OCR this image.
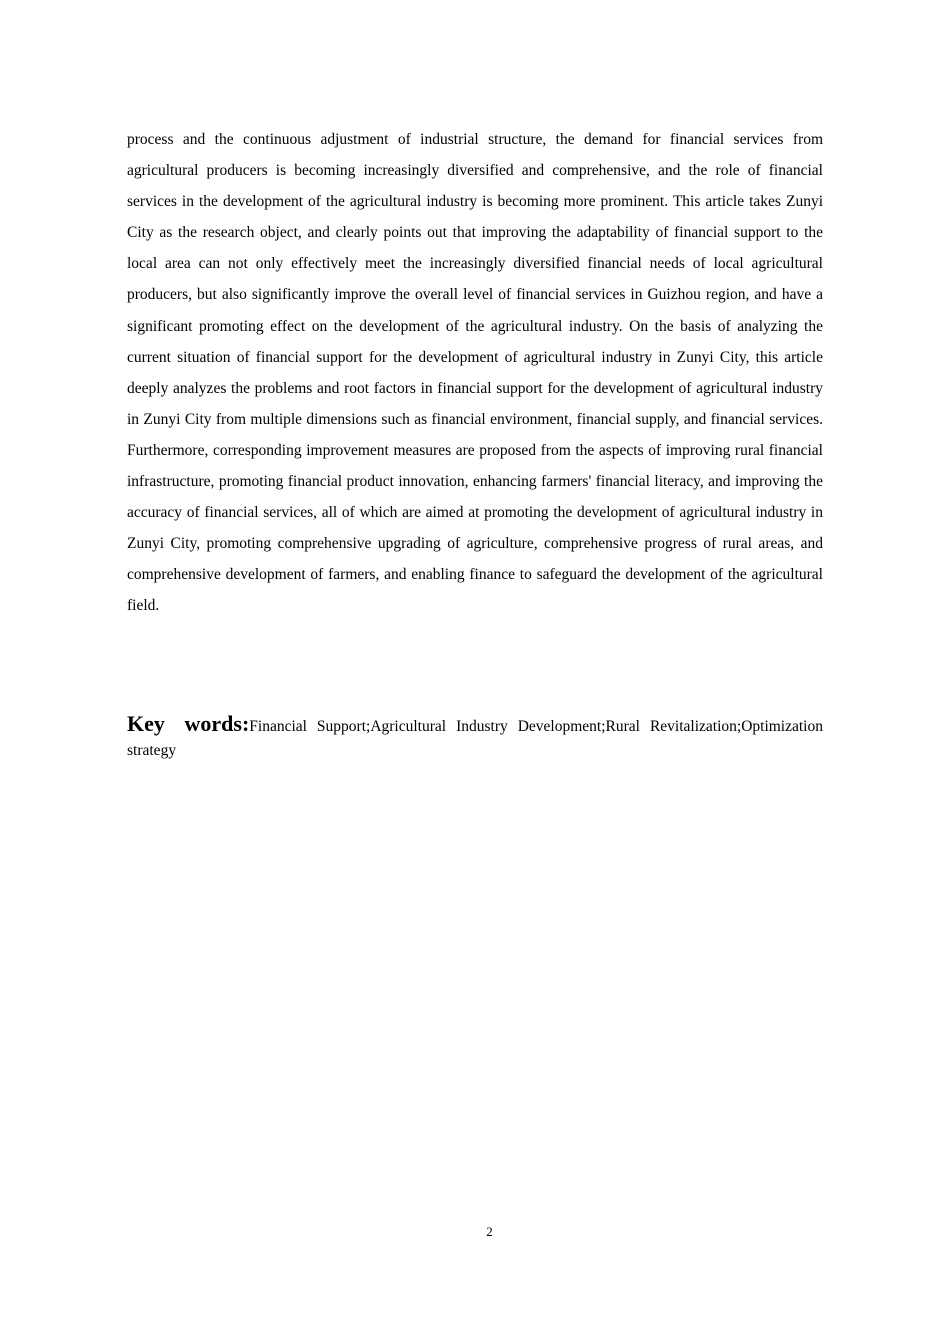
process and the continuous adjustment of industrial structure, the demand for financial services from agricultural producers is becoming increasingly diversified and comprehensive, and the role of financial services in the development of the agricultural industry is becoming more prominent. This article takes Zunyi City as the research object, and clearly points out that improving the adaptability of financial support to the local area can not only effectively meet the increasingly diversified financial needs of local agricultural producers, but also significantly improve the overall level of financial services in Guizhou region, and have a significant promoting effect on the development of the agricultural industry. On the basis of analyzing the current situation of financial support for the development of agricultural industry in Zunyi City, this article deeply analyzes the problems and root factors in financial support for the development of agricultural industry in Zunyi City from multiple dimensions such as financial environment, financial supply, and financial services. Furthermore, corresponding improvement measures are proposed from the aspects of improving rural financial infrastructure, promoting financial product innovation, enhancing farmers' financial literacy, and improving the accuracy of financial services, all of which are aimed at promoting the development of agricultural industry in Zunyi City, promoting comprehensive upgrading of agriculture, comprehensive progress of rural areas, and comprehensive development of farmers, and enabling finance to safeguard the development of the agricultural field.

Key words:Financial Support;Agricultural Industry Development;Rural Revitalization;Optimization strategy

2
